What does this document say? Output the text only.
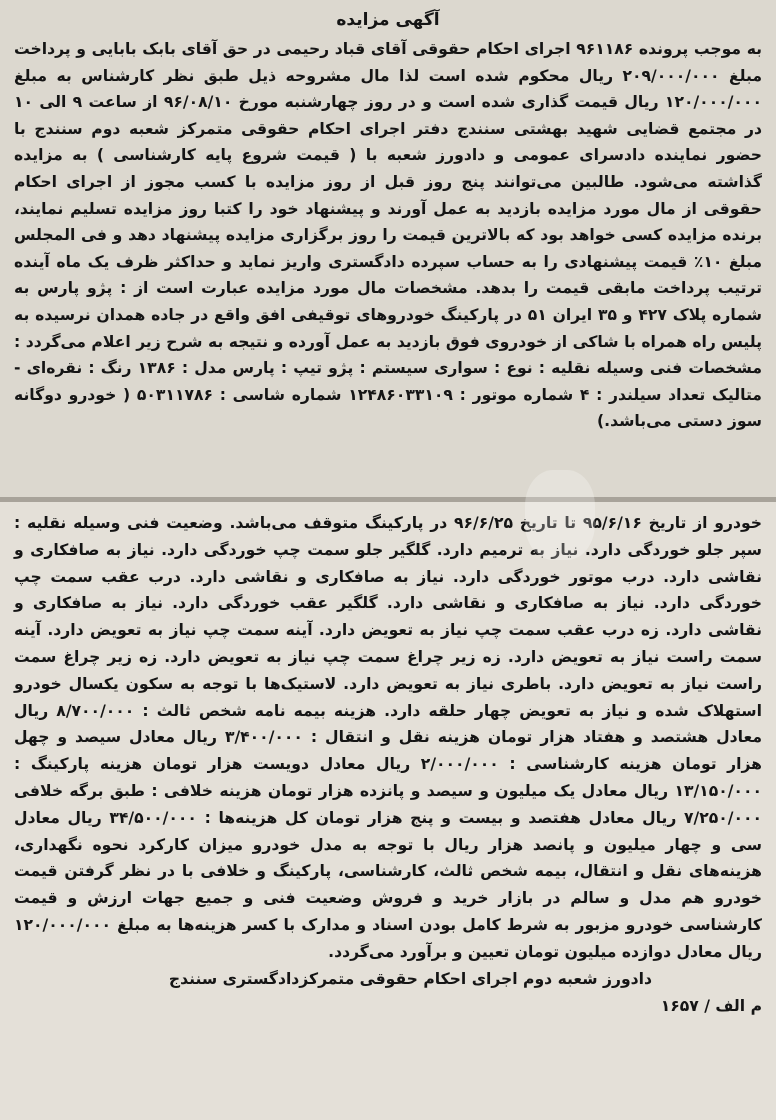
آگهی مزایده

به موجب پرونده ۹۶۱۱۸۶ اجرای احکام حقوقی آقای قباد رحیمی در حق آقای بابک بابایی و پرداخت مبلغ ۲۰۹/۰۰۰/۰۰۰ ریال محکوم شده است لذا مال مشروحه ذیل طبق نظر کارشناس به مبلغ ۱۲۰/۰۰۰/۰۰۰ ریال قیمت گذاری شده است و در روز چهارشنبه مورخ ۹۶/۰۸/۱۰ از ساعت ۹ الی ۱۰ در مجتمع قضایی شهید بهشتی سنندج دفتر اجرای احکام حقوقی متمرکز شعبه دوم سنندج با حضور نماینده دادسرای عمومی و دادورز شعبه با ( قیمت شروع پایه کارشناسی ) به مزایده گذاشته می‌شود. طالبین می‌توانند پنج روز قبل از روز مزایده با کسب مجوز از اجرای احکام حقوقی از مال مورد مزایده بازدید به عمل آورند و پیشنهاد خود را کتبا روز مزایده تسلیم نمایند، برنده مزایده کسی خواهد بود که بالاترین قیمت را روز برگزاری مزایده پیشنهاد دهد و فی المجلس مبلغ ۱۰٪ قیمت پیشنهادی را به حساب سپرده دادگستری واریز نماید و حداکثر ظرف یک ماه آینده ترتیب پرداخت مابقی قیمت را بدهد. مشخصات مال مورد مزایده عبارت است از : پژو پارس به شماره پلاک ۴۲۷ و ۳۵ ایران ۵۱ در پارکینگ خودروهای توقیفی افق واقع در جاده همدان نرسیده به پلیس راه همراه با شاکی از خودروی فوق بازدید به عمل آورده و نتیجه به شرح زیر اعلام می‌گردد : مشخصات فنی وسیله نقلیه : نوع : سواری سیستم : پژو تیپ : پارس مدل : ۱۳۸۶ رنگ : نقره‌ای - متالیک تعداد سیلندر : ۴ شماره موتور : ۱۲۴۸۶۰۳۳۱۰۹ شماره شاسی : ۵۰۳۱۱۷۸۶ ( خودرو دوگانه سوز دستی می‌باشد.)

خودرو از تاریخ ۹۵/۶/۱۶ تا تاریخ ۹۶/۶/۲۵ در پارکینگ متوقف می‌باشد. وضعیت فنی وسیله نقلیه : سپر جلو خوردگی دارد. نیاز به ترمیم دارد. گلگیر جلو سمت چپ خوردگی دارد. نیاز به صافکاری و نقاشی دارد. درب موتور خوردگی دارد. نیاز به صافکاری و نقاشی دارد. درب عقب سمت چپ خوردگی دارد. نیاز به صافکاری و نقاشی دارد. گلگیر عقب خوردگی دارد. نیاز به صافکاری و نقاشی دارد. زه درب عقب سمت چپ نیاز به تعویض دارد. آینه سمت چپ نیاز به تعویض دارد. آینه سمت راست نیاز به تعویض دارد. زه زیر چراغ سمت چپ نیاز به تعویض دارد. زه زیر چراغ سمت راست نیاز به تعویض دارد. باطری نیاز به تعویض دارد. لاستیک‌ها با توجه به سکون یکسال خودرو استهلاک شده و نیاز به تعویض چهار حلقه دارد. هزینه بیمه نامه شخص ثالث : ۸/۷۰۰/۰۰۰ ریال معادل هشتصد و هفتاد هزار تومان هزینه نقل و انتقال : ۳/۴۰۰/۰۰۰ ریال معادل سیصد و چهل هزار تومان هزینه کارشناسی : ۲/۰۰۰/۰۰۰ ریال معادل دویست هزار تومان هزینه پارکینگ : ۱۳/۱۵۰/۰۰۰ ریال معادل یک میلیون و سیصد و پانزده هزار تومان هزینه خلافی : طبق برگه خلافی ۷/۲۵۰/۰۰۰ ریال معادل هفتصد و بیست و پنج هزار تومان کل هزینه‌ها : ۳۴/۵۰۰/۰۰۰ ریال معادل سی و چهار میلیون و پانصد هزار ریال با توجه به مدل خودرو میزان کارکرد نحوه نگهداری، هزینه‌های نقل و انتقال، بیمه شخص ثالث، کارشناسی، پارکینگ و خلافی با در نظر گرفتن قیمت خودرو هم مدل و سالم در بازار خرید و فروش وضعیت فنی و جمیع جهات ارزش و قیمت کارشناسی خودرو مزبور به شرط کامل بودن اسناد و مدارک با کسر هزینه‌ها به مبلغ ۱۲۰/۰۰۰/۰۰۰ ریال معادل دوازده میلیون تومان تعیین و برآورد می‌گردد.

دادورز شعبه دوم اجرای احکام حقوقی متمرکزدادگستری سنندج

م الف / ۱۶۵۷
